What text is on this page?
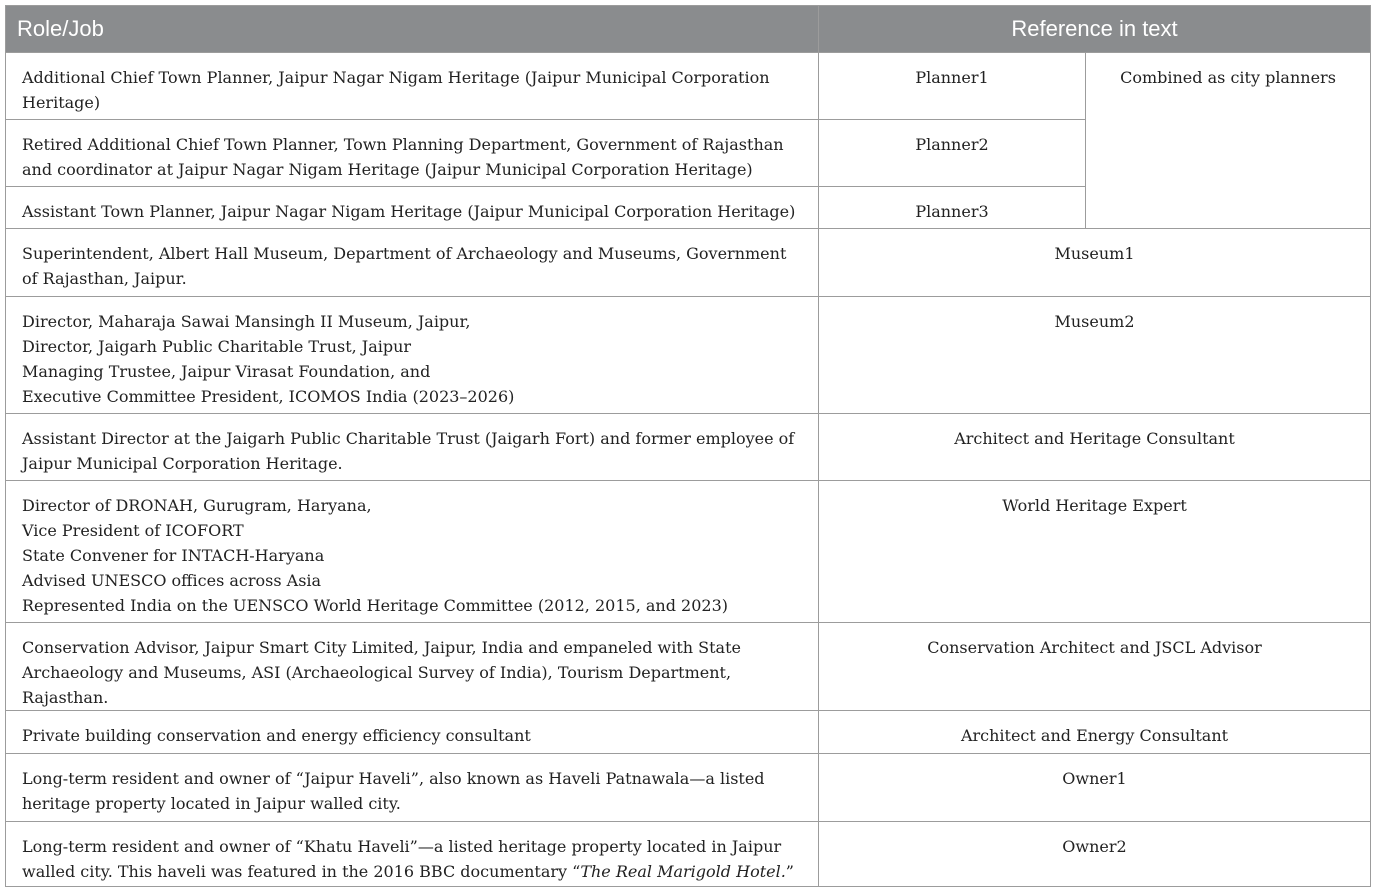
Role/Job	Reference in text	
Additional Chief Town Planner, Jaipur Nagar Nigam Heritage (Jaipur Municipal Corporation Heritage)	Planner1	Combined as city planners
Retired Additional Chief Town Planner, Town Planning Department, Government of Rajasthan and coordinator at Jaipur Nagar Nigam Heritage (Jaipur Municipal Corporation Heritage)	Planner2	
Assistant Town Planner, Jaipur Nagar Nigam Heritage (Jaipur Municipal Corporation Heritage)	Planner3	
Superintendent, Albert Hall Museum, Department of Archaeology and Museums, Government of Rajasthan, Jaipur.	Museum1	

Director, Maharaja Sawai Mansingh II Museum, Jaipur,
Director, Jaigarh Public Charitable Trust, Jaipur
Managing Trustee, Jaipur Virasat Foundation, and
Executive Committee President, ICOMOS India (2023–2026)	Museum2	
Assistant Director at the Jaigarh Public Charitable Trust (Jaigarh Fort) and former employee of Jaipur Municipal Corporation Heritage.	Architect and Heritage Consultant	

Director of DRONAH, Gurugram, Haryana,
Vice President of ICOFORT
State Convener for INTACH-Haryana
Advised UNESCO offices across Asia
Represented India on the UENSCO World Heritage Committee (2012, 2015, and 2023)	World Heritage Expert	
Conservation Advisor, Jaipur Smart City Limited, Jaipur, India and empaneled with State Archaeology and Museums, ASI (Archaeological Survey of India), Tourism Department, Rajasthan.	Conservation Architect and JSCL Advisor	
Private building conservation and energy efficiency consultant	Architect and Energy Consultant	
Long-term resident and owner of “Jaipur Haveli”, also known as Haveli Patnawala—a listed heritage property located in Jaipur walled city.	Owner1	
Long-term resident and owner of “Khatu Haveli”—a listed heritage property located in Jaipur walled city. This haveli was featured in the 2016 BBC documentary “The Real Marigold Hotel.”	Owner2	
